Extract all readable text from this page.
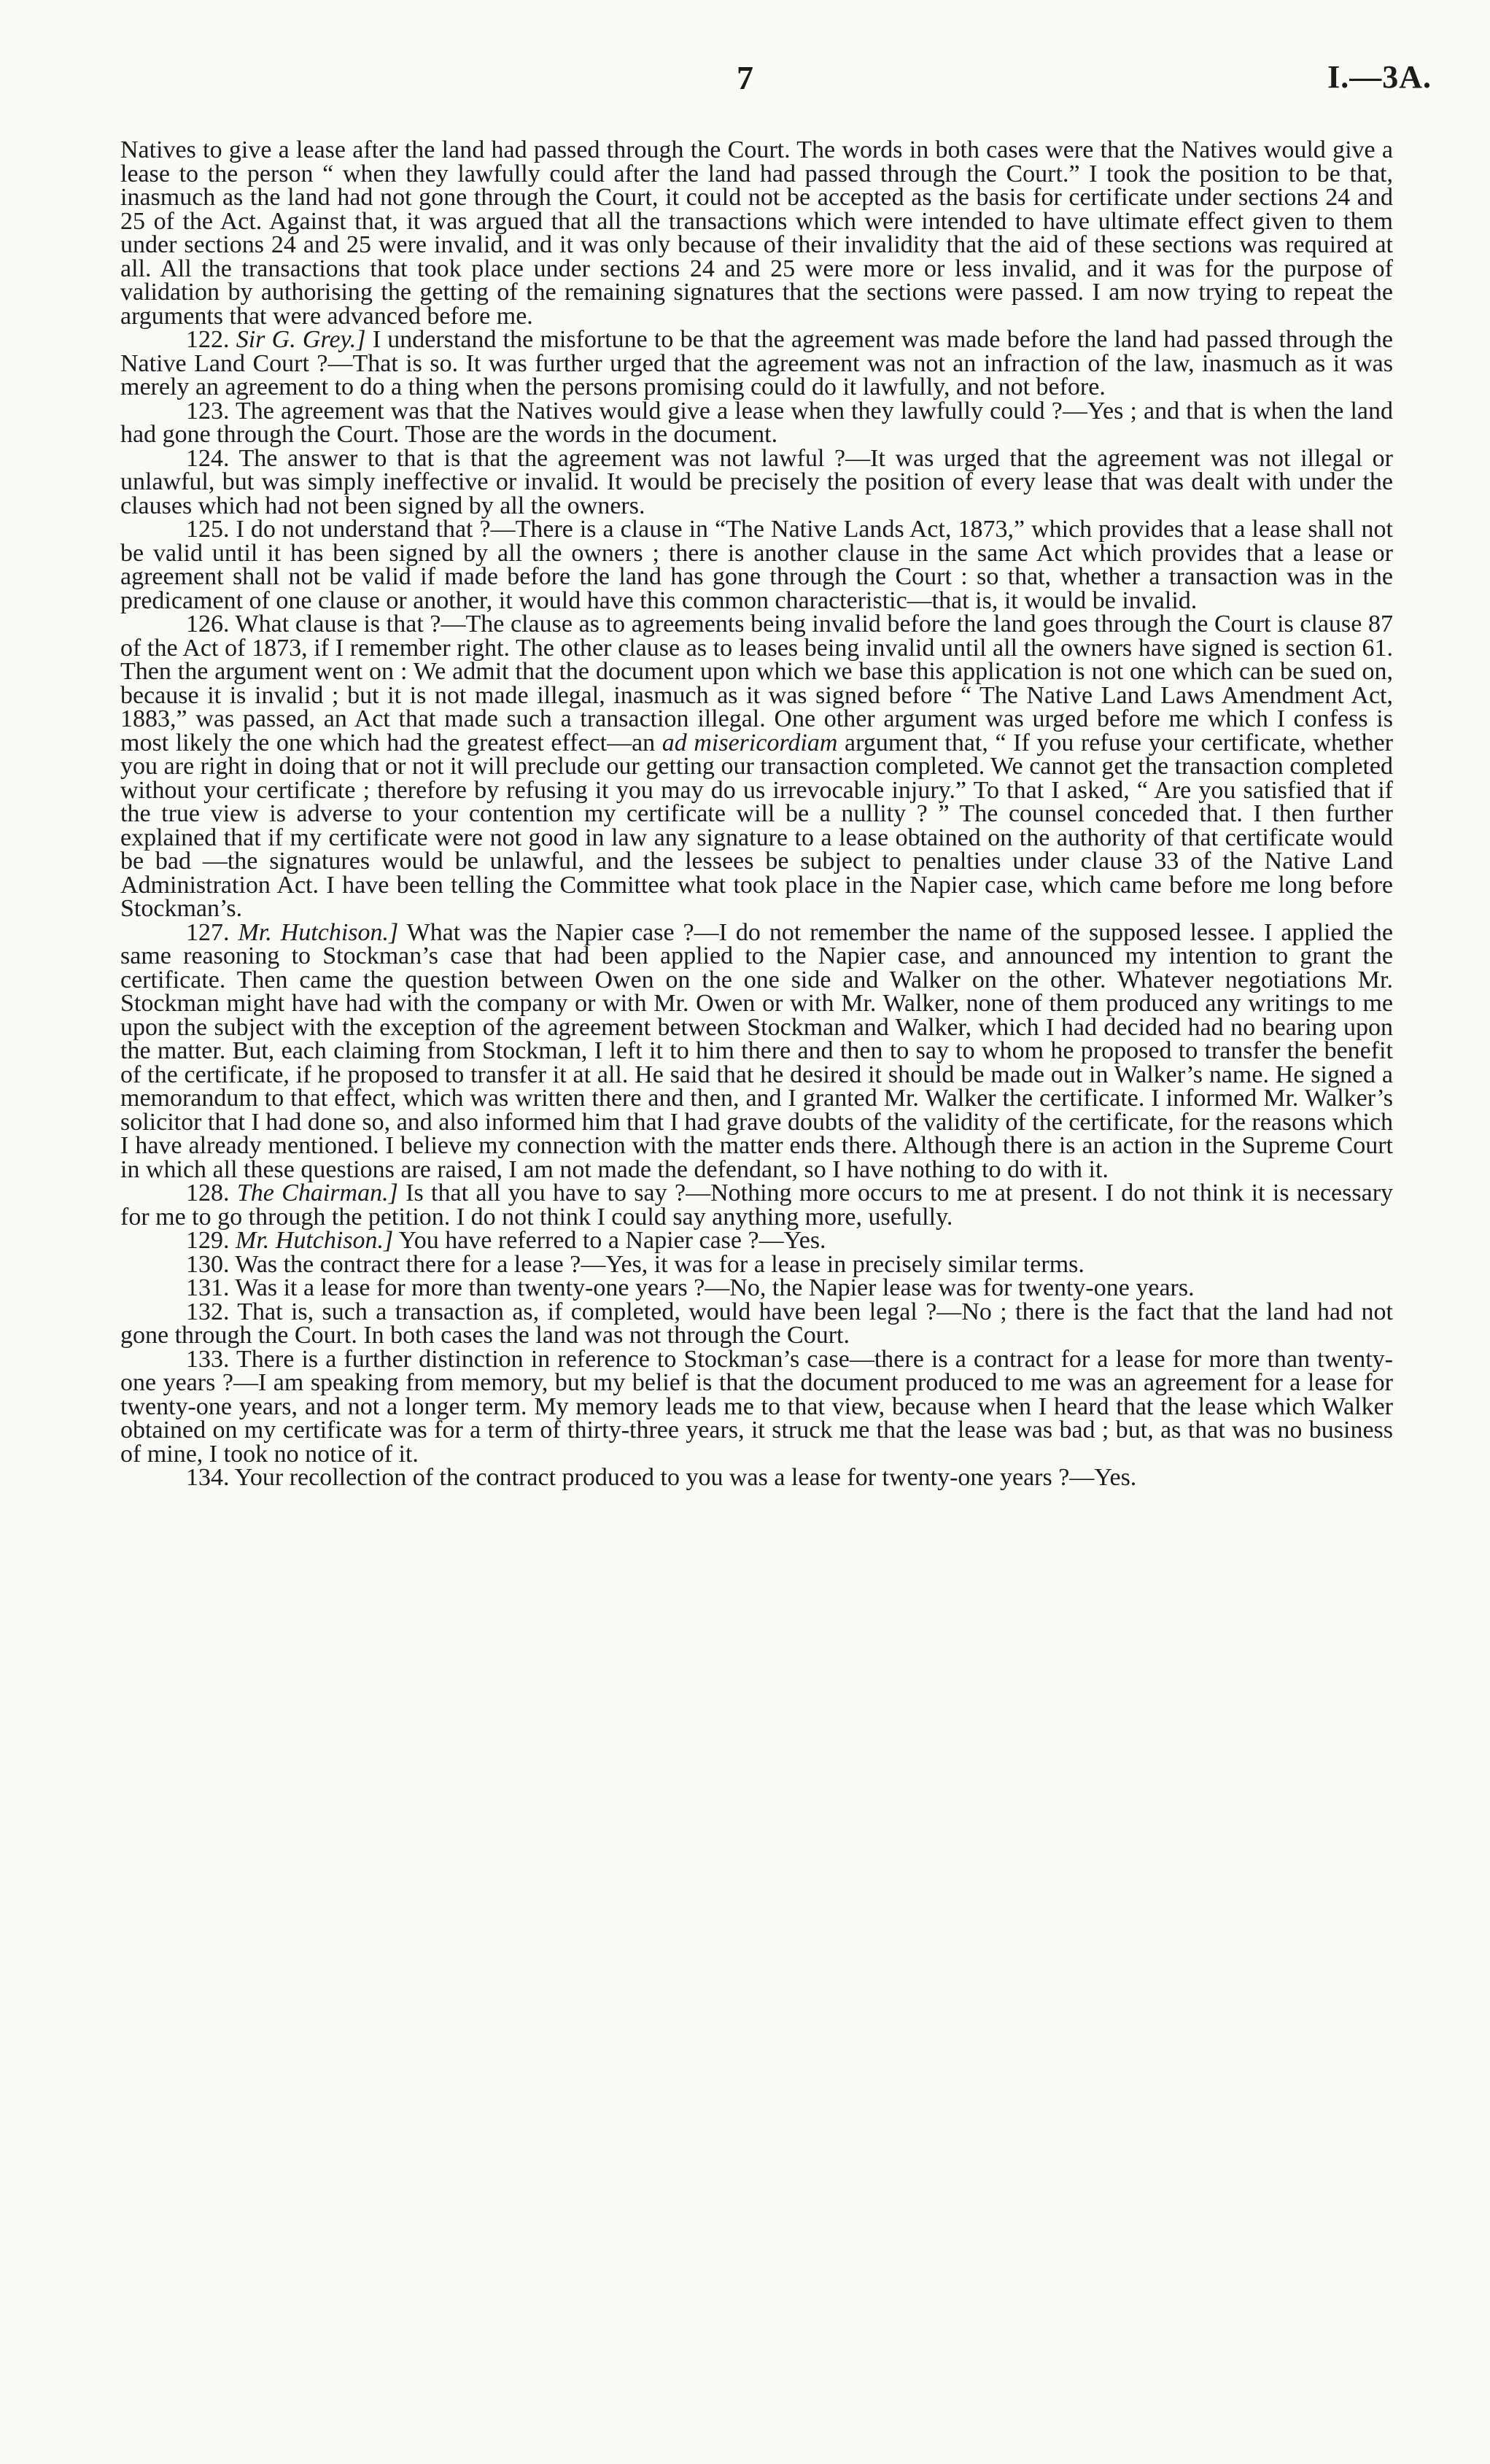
7	I.—3A.

Natives to give a lease after the land had passed through the Court. The words in both cases were that the Natives would give a lease to the person “ when they lawfully could after the land had passed through the Court.” I took the position to be that, inasmuch as the land had not gone through the Court, it could not be accepted as the basis for certificate under sections 24 and 25 of the Act. Against that, it was argued that all the transactions which were intended to have ultimate effect given to them under sections 24 and 25 were invalid, and it was only because of their invalidity that the aid of these sections was required at all. All the transactions that took place under sections 24 and 25 were more or less invalid, and it was for the purpose of validation by authorising the getting of the remaining signatures that the sections were passed. I am now trying to repeat the arguments that were advanced before me.

122. Sir G. Grey.] I understand the misfortune to be that the agreement was made before the land had passed through the Native Land Court ?—That is so. It was further urged that the agreement was not an infraction of the law, inasmuch as it was merely an agreement to do a thing when the persons promising could do it lawfully, and not before.

123. The agreement was that the Natives would give a lease when they lawfully could ?—Yes ; and that is when the land had gone through the Court. Those are the words in the document.

124. The answer to that is that the agreement was not lawful ?—It was urged that the agreement was not illegal or unlawful, but was simply ineffective or invalid. It would be precisely the position of every lease that was dealt with under the clauses which had not been signed by all the owners.

125. I do not understand that ?—There is a clause in “The Native Lands Act, 1873,” which provides that a lease shall not be valid until it has been signed by all the owners ; there is another clause in the same Act which provides that a lease or agreement shall not be valid if made before the land has gone through the Court : so that, whether a transaction was in the predicament of one clause or another, it would have this common characteristic—that is, it would be invalid.

126. What clause is that ?—The clause as to agreements being invalid before the land goes through the Court is clause 87 of the Act of 1873, if I remember right. The other clause as to leases being invalid until all the owners have signed is section 61. Then the argument went on : We admit that the document upon which we base this application is not one which can be sued on, because it is invalid ; but it is not made illegal, inasmuch as it was signed before “ The Native Land Laws Amendment Act, 1883,” was passed, an Act that made such a transaction illegal. One other argument was urged before me which I confess is most likely the one which had the greatest effect—an ad misericordiam argument that, “ If you refuse your certificate, whether you are right in doing that or not it will preclude our getting our transaction completed. We cannot get the transaction completed without your certificate ; therefore by refusing it you may do us irrevocable injury.” To that I asked, “ Are you satisfied that if the true view is adverse to your contention my certificate will be a nullity ? ” The counsel conceded that. I then further explained that if my certificate were not good in law any signature to a lease obtained on the authority of that certificate would be bad —the signatures would be unlawful, and the lessees be subject to penalties under clause 33 of the Native Land Administration Act. I have been telling the Committee what took place in the Napier case, which came before me long before Stockman’s.

127. Mr. Hutchison.] What was the Napier case ?—I do not remember the name of the supposed lessee. I applied the same reasoning to Stockman’s case that had been applied to the Napier case, and announced my intention to grant the certificate. Then came the question between Owen on the one side and Walker on the other. Whatever negotiations Mr. Stockman might have had with the company or with Mr. Owen or with Mr. Walker, none of them produced any writings to me upon the subject with the exception of the agreement between Stockman and Walker, which I had decided had no bearing upon the matter. But, each claiming from Stockman, I left it to him there and then to say to whom he proposed to transfer the benefit of the certificate, if he proposed to transfer it at all. He said that he desired it should be made out in Walker’s name. He signed a memorandum to that effect, which was written there and then, and I granted Mr. Walker the certificate. I informed Mr. Walker’s solicitor that I had done so, and also informed him that I had grave doubts of the validity of the certificate, for the reasons which I have already mentioned. I believe my connection with the matter ends there. Although there is an action in the Supreme Court in which all these questions are raised, I am not made the defendant, so I have nothing to do with it.

128. The Chairman.] Is that all you have to say ?—Nothing more occurs to me at present. I do not think it is necessary for me to go through the petition. I do not think I could say anything more, usefully.

129. Mr. Hutchison.] You have referred to a Napier case ?—Yes.

130. Was the contract there for a lease ?—Yes, it was for a lease in precisely similar terms.

131. Was it a lease for more than twenty-one years ?—No, the Napier lease was for twenty-one years.

132. That is, such a transaction as, if completed, would have been legal ?—No ; there is the fact that the land had not gone through the Court. In both cases the land was not through the Court.

133. There is a further distinction in reference to Stockman’s case—there is a contract for a lease for more than twenty-one years ?—I am speaking from memory, but my belief is that the document produced to me was an agreement for a lease for twenty-one years, and not a longer term. My memory leads me to that view, because when I heard that the lease which Walker obtained on my certificate was for a term of thirty-three years, it struck me that the lease was bad ; but, as that was no business of mine, I took no notice of it.

134. Your recollection of the contract produced to you was a lease for twenty-one years ?—Yes.
